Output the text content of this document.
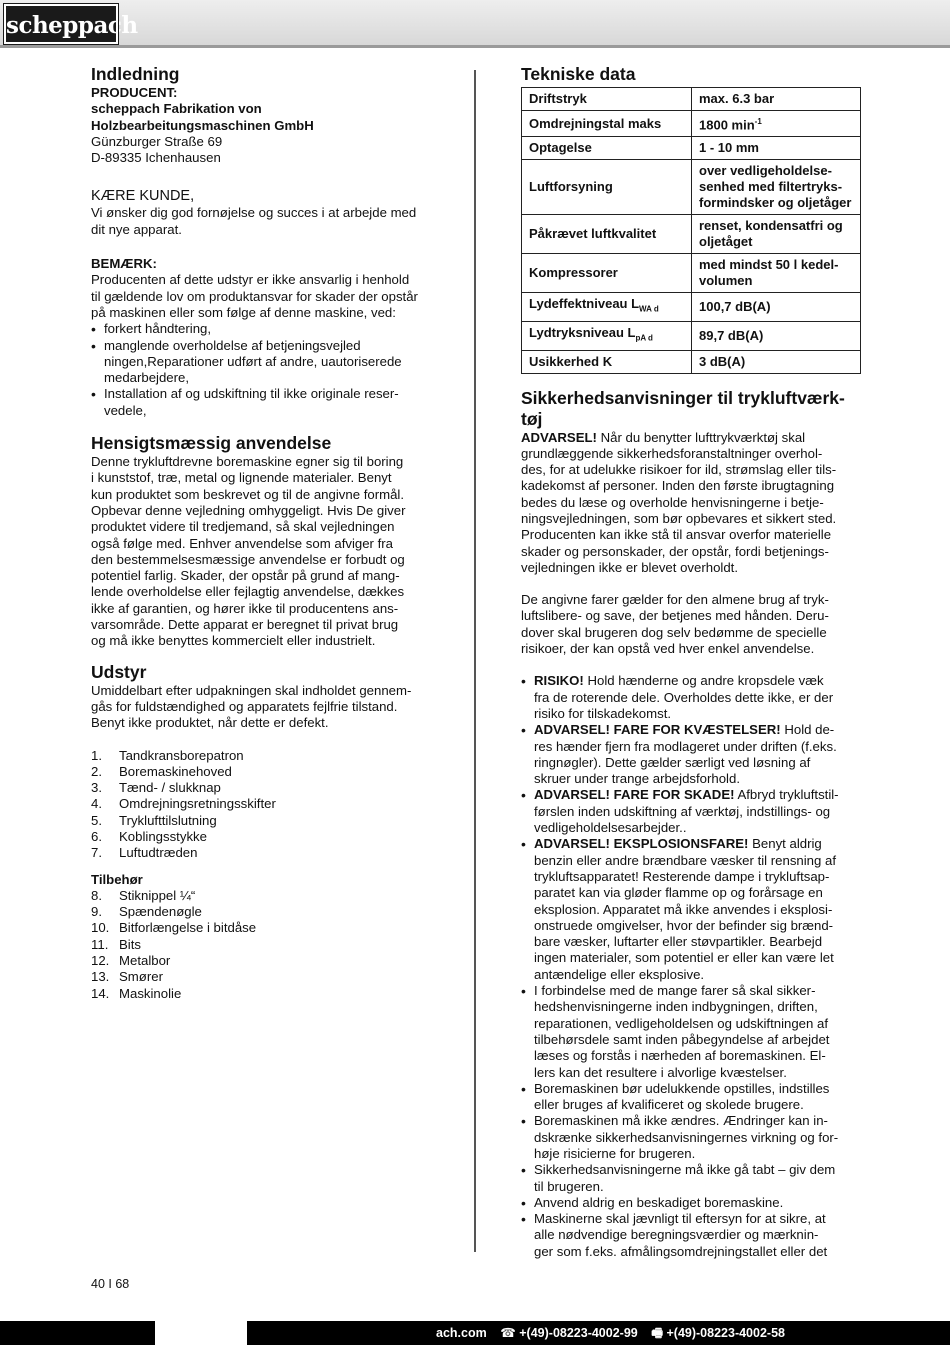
scheppach
Indledning
PRODUCENT:
scheppach Fabrikation von
Holzbearbeitungsmaschinen GmbH
Günzburger Straße 69
D-89335 Ichenhausen
KÆRE KUNDE,
Vi ønsker dig god fornøjelse og succes i at arbejde med
dit nye apparat.
BEMÆRK:
Producenten af dette udstyr er ikke ansvarlig i henhold
til gældende lov om produktansvar for skader der opstår
på maskinen eller som følge af denne maskine, ved:
• forkert håndtering,
• manglende overholdelse af betjeningsvejled
ningen,Reparationer udført af andre, uautoriserede
medarbejdere,
• Installation af og udskiftning til ikke originale reser-
vedele,
Hensigtsmæssig anvendelse
Denne trykluftdrevne boremaskine egner sig til boring
i kunststof, træ, metal og lignende materialer. Benyt
kun produktet som beskrevet og til de angivne formål.
Opbevar denne vejledning omhyggeligt. Hvis De giver
produktet videre til tredjemand, så skal vejledningen
også følge med. Enhver anvendelse som afviger fra
den bestemmelsesmæssige anvendelse er forbudt og
potentiel farlig. Skader, der opstår på grund af mang-
lende overholdelse eller fejlagtig anvendelse, dækkes
ikke af garantien, og hører ikke til producentens ans-
varsområde. Dette apparat er beregnet til privat brug
og må ikke benyttes kommercielt eller industrielt.
Udstyr
Umiddelbart efter udpakningen skal indholdet gennem-
gås for fuldstændighed og apparatets fejlfrie tilstand.
Benyt ikke produktet, når dette er defekt.
1.	Tandkransborepatron
2.	Boremaskinehoved
3.	Tænd- / slukknap
4.	Omdrejningsretningsskifter
5.	Tryklufttilslutning
6.	Koblingsstykke
7.	Luftudtræden
Tilbehør
8.	Stiknippel ¼“
9.	Spændenøgle
10. Bitforlængelse i bitdåse
11. Bits
12. Metalbor
13. Smører
14. Maskinolie
Tekniske data
Driftstryk	max. 6.3 bar

Omdrejningstal maks	1800 $\min^{-1}$

Optagelse	1 - 10 mm

Luftforsyning	over vedligeholdelse-
senhed med filtertryks-
formindsker og oljetåger

Påkrævet luftkvalitet	renset, kondensatfri og
oljetåget

Kompressorer	med mindst 50 l kedel-
volumen

Lydeffektniveau $L_{WA d}$	100,7 dB(A)

Lydtryksniveau $L_{pA d}$	89,7 dB(A)

Usikkerhed K	3 dB(A)
Sikkerhedsanvisninger til trykluftværk-
tøj
ADVARSEL! Når du benytter lufttrykværktøj skal
grundlæggende sikkerhedsforanstaltninger overhol-
des, for at udelukke risikoer for ild, strømslag eller tils-
kadekomst af personer. Inden den første ibrugtagning
bedes du læse og overholde henvisningerne i betje-
ningsvejledningen, som bør opbevares et sikkert sted.
Producenten kan ikke stå til ansvar overfor materielle
skader og personskader, der opstår, fordi betjenings-
vejledningen ikke er blevet overholdt.
De angivne farer gælder for den almene brug af tryk-
luftslibere- og save, der betjenes med hånden. Deru-
dover skal brugeren dog selv bedømme de specielle
risikoer, der kan opstå ved hver enkel anvendelse.
• RISIKO! Hold hænderne og andre kropsdele væk
fra de roterende dele. Overholdes dette ikke, er der
risiko for tilskadekomst.
• ADVARSEL! FARE FOR KVÆSTELSER! Hold de-
res hænder fjern fra modlageret under driften (f.eks.
ringnøgler). Dette gælder særligt ved løsning af
skruer under trange arbejdsforhold.
• ADVARSEL! FARE FOR SKADE! Afbryd trykluftstil-
førslen inden udskiftning af værktøj, indstillings- og
vedligeholdelsesarbejder..
• ADVARSEL! EKSPLOSIONSFARE! Benyt aldrig
benzin eller andre brændbare væsker til rensning af
trykluftsapparatet! Resterende dampe i trykluftsap-
paratet kan via gløder flamme op og forårsage en
eksplosion. Apparatet må ikke anvendes i eksplosi-
onstruede omgivelser, hvor der befinder sig brænd-
bare væsker, luftarter eller støvpartikler. Bearbejd
ingen materialer, som potentiel er eller kan være let
antændelige eller eksplosive.
• I forbindelse med de mange farer så skal sikker-
hedshenvisningerne inden indbygningen, driften,
reparationen, vedligeholdelsen og udskiftningen af
tilbehørsdele samt inden påbegyndelse af arbejdet
læses og forstås i nærheden af boremaskinen. El-
lers kan det resultere i alvorlige kvæstelser.
• Boremaskinen bør udelukkende opstilles, indstilles
eller bruges af kvalificeret og skolede brugere.
• Boremaskinen må ikke ændres. Ændringer kan in-
dskrænke sikkerhedsanvisningernes virkning og for-
høje risicierne for brugeren.
• Sikkerhedsanvisningerne må ikke gå tabt – giv dem
til brugeren.
• Anvend aldrig en beskadiget boremaskine.
• Maskinerne skal jævnligt til eftersyn for at sikre, at
alle nødvendige beregningsværdier og mærknin-
ger som f.eks. afmålingsomdrejningstallet eller det
40 I 68
ach.com ☎ +(49)-08223-4002-99 🖷 +(49)-08223-4002-58
